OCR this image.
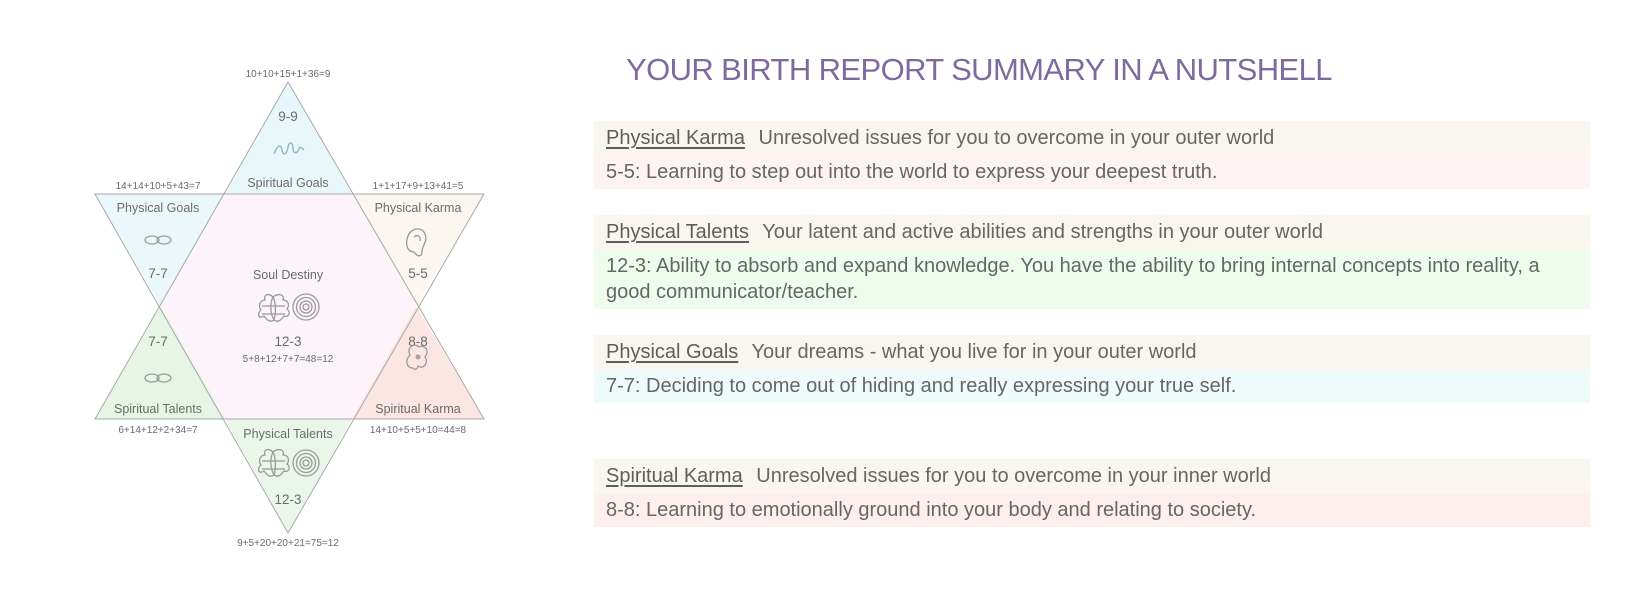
10+10+15+1+36=9
14+14+10+5+43=7	1+1+17+9+13+41=5
6+14+12+2+34=7	14+10+5+5+10=44=8
9+5+20+20+21=75=12
5+8+12+7+7=48=12
9-9
7-7	5-5
7-7	8-8
12-3
12-3
Spiritual Goals
Physical Goals	Physical Karma
Spiritual Talents	Spiritual Karma
Physical Talents
Soul Destiny
YOUR BIRTH REPORT SUMMARY IN A NUTSHELL
Physical Karma Unresolved issues for you to overcome in your outer world
5-5: Learning to step out into the world to express your deepest truth.
Physical Talents Your latent and active abilities and strengths in your outer world
12-3: Ability to absorb and expand knowledge. You have the ability to bring internal concepts into reality, a good communicator/teacher.
Physical Goals Your dreams - what you live for in your outer world
7-7: Deciding to come out of hiding and really expressing your true self.
Spiritual Karma Unresolved issues for you to overcome in your inner world
8-8: Learning to emotionally ground into your body and relating to society.
